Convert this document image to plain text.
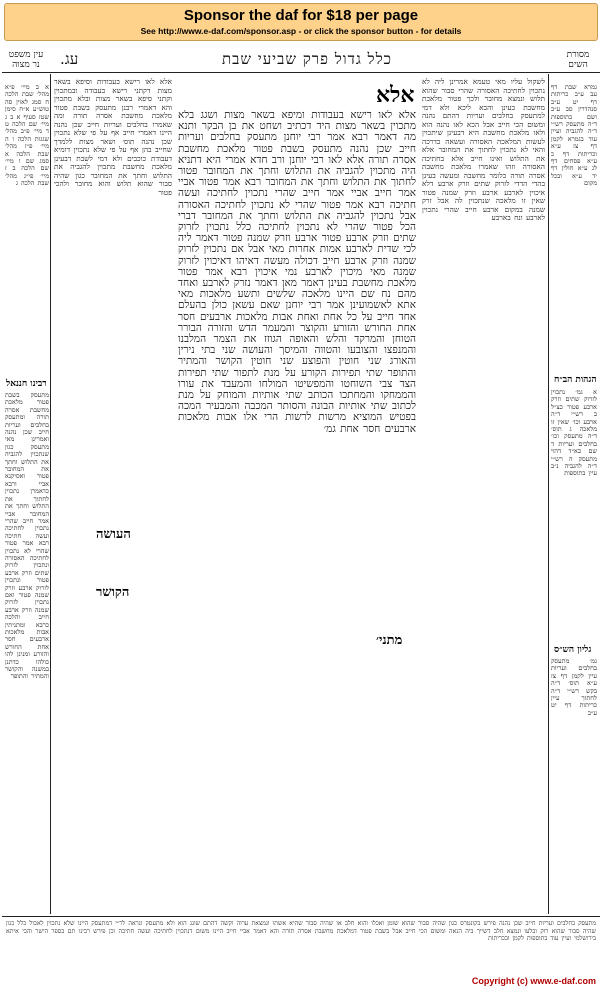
Sponsor the daf for $18 per page
See http://www.e-daf.com/sponsor.asp - or click the sponsor button - for details
עג.	כלל גדול פרק שביעי שבת	מסורת השים
עין משפט נר מצוה
גמרא שבת דף עב ע״ב כריתות דף יט ע״ב סנהדרין סב ע״ב ושם בתוספות ד״ה מתעסק רש״י ד״ה להגביה ועיין עוד בגמרא לקמן דף צז ע״א וכריתות דף כ ע״א פסחים דף לג ע״א חולין דף יד ע״א ובכל מקום
הגהות הב״ח
א גמ׳ נתכוין לזרוק שתים וזרק ארבע פטור כצ״ל ב רש״י ד״ה ארבע וכו׳ שאין זו מלאכה ג תוס׳ ד״ה מתעסק וכו׳ בחלבים ועריות ד שם בא״ד דהוי מתעסק ה רש״י ד״ה להגביה נ״ב עיין בתוספות
גליון הש״ס
גמ׳ מתעסק בחלבים ועריות עיין לקמן דף צז ע״א תוס׳ ד״ה בקש רש״י ד״ה לחתוך עיין כריתות דף יט ע״ב
א ב מיי׳ פ״א מהל׳ שבת הלכה ח סמג לאוין סה טוש״ע א״ח סימן שטז סעיף א ב ג מיי׳ שם הלכה ט ד מיי׳ פ״ב מהל׳ שגגות הלכה ו ה מיי׳ פ״ז מהל׳ שבת הלכה א סמג שם ו מיי׳ שם הלכה ב ז מיי׳ פי״ג מהל׳ שבת הלכה ג
רבינו חננאל
מתעסק בשבת פטור מלאכת מחשבת אסרה תורה ומתעסק בחלבים ועריות חייב שכן נהנה ואמרינן מאי מתעסק כגון שנתכוין להגביה את התלוש וחתך את המחובר פטור ואסיקנא אביי ורבא כדאמרן נתכוין לחתוך את התלוש וחתך את המחובר אביי אמר חייב שהרי נתכוין לחתיכה ועשה חתיכה רבא אמר פטור שהרי לא נתכוין לחתיכה האסורה ונתכוין לזרוק שתים וזרק ארבע פטור ונתכוין לזרוק ארבע וזרק שמנה פטור ואם נתכוין לזרוק שמנה וזרק ארבע חייב והלכה כרבא ומתניתין אבות מלאכות ארבעים חסר אחת החורש והזורע ומנינן להו כולהו כדתנן במשנה והקושר והמתיר והתופר
לשקול עליו מאי טעמא אמרינן ליה לא נתכוין לחתיכה האסורה שהרי סבור שהוא תלוש ונמצא מחובר ולכך פטור מלאכת מחשבת בעינן והכא ליכא ולא דמי למתעסק בחלבים ועריות דהתם נהנה ומשום הכי חייב אבל הכא לאו נהנה הוא ולאו מלאכת מחשבת היא דבעינן שיתכוין לעשות המלאכה האסורה ועשאה כדרכה והאי לא נתכוין לחתוך את המחובר אלא את התלוש ואינו חייב אלא בחתיכה האסורה וזהו שאמרו מלאכת מחשבת אסרה תורה כלומר מחשבה ומעשה בעינן בהדי הדדי לזרוק שתים וזרק ארבע דלא איכוין לארבע ארבע וזרק שמנה פטור שאין זו מלאכה שנתכוין לה אבל זרק שמנה במקום ארבע חייב שהרי נתכוין לארבע ונח בארבע
אלא לאו רישא בעבודות וסיפא בשאר מצות דקתני רישא בעבודה ובמתכוין וקתני סיפא בשאר מצות ובלא מתכוין והא דאמרי רבנן מתעסק בשבת פטור מלאכת מחשבת אסרה תורה ומה שאמרו בחלבים ועריות חייב שכן נהנה היינו דאמרי חייב אף על פי שלא נתכוין שכן נהנה תוס׳ ושאר מצות ללמדך שחייב בהן אף על פי שלא נתכוין דומיא דעבודת כוכבים ולא דמי לשבת דבעינן מלאכת מחשבת מתכוין להגביה את התלוש וחתך את המחובר כגון שהיה סבור שהוא תלוש והוא מחובר ולהכי פטור
אלא
אלא לאו רישא בעבודות ומיפא בשאר מצות ושגג בלא מתכוין בשאר מצות היד דכתיב ושחט את בן הבקר ותנא מה דאמר רבא אמר רבי יוחנן מתעסק בחלבים ועריות חייב שכן נהנה מתעסק בשבת פטור מלאכת מחשבת אסרה תורה אלא לאו רבי יוחנן ורב חדא אמרי היא דתניא היה מתכוין להגביה את התלוש וחתך את המחובר פטור לחתוך את התלוש וחתך את המחובר רבא אמר פטור אביי אמר חייב אביי אמר חייב שהרי נתכוין לחתיכה ועשה חתיכה רבא אמר פטור שהרי לא נתכוין לחתיכה האסורה אבל נתכוין להגביה את התלוש וחתך את המחובר דברי הכל פטור שהרי לא נתכוין לחתיכה כלל נתכוין לזרוק שתים וזרק ארבע פטור ארבע וזרק שמנה פטור דאמר ליה לכי שדית לארבע אמות אחרות מאי אבל אם נתכוין לזרוק שמנה וזרק ארבע חייב דכולה מעשה דאיהו דאיכוין לזרוק שמנה מאי מיכוין לארבע נמי איכוין רבא אמר פטור מלאכת מחשבת בעינן דאמר מאן דאמר נזרק לארבע ואחד מהם נח שם היינו מלאכה שלשים ותשע מלאכות מאי אתא לאשמועינן אמר רבי יוחנן שאם עשאן כולן בהעלם אחד חייב על כל אחת ואחת אבות מלאכות ארבעים חסר אחת החורש והזורע והקוצר והמעמר הדש והזורה הבורר הטוחן והמרקד והלש והאופה הגוזז את הצמר המלבנו והמנפצו והצובעו והטווה והמיסך והעושה שני בתי נירין והאורג שני חוטין והפוצע שני חוטין הקושר והמתיר והתופר שתי תפירות הקורע על מנת לתפור שתי תפירות הצד צבי השוחטו והמפשיטו המולחו והמעבד את עורו והממחקו והמחתכו הכותב שתי אותיות והמוחק על מנת לכתוב שתי אותיות הבונה והסותר המכבה והמבעיר המכה בפטיש המוציא מרשות לרשות הרי אלו אבות מלאכות ארבעים חסר אחת גמ׳
העושה
הקושר
מתני׳
מתעסק בחלבים ועריות חייב שכן נהנה פירש בקונטרס כגון שהיה סבור שהוא שומן ואכלו והוא חלב או שהיה סבור שהיא אשתו ונמצאת ערוה וקשה דהתם שוגג הוא ולא מתעסק ונראה לר״י דמתעסק היינו שלא נתכוין לאכול כלל כגון שהיה סבור שהוא רוק ובלעו ונמצא חלב דשייך ביה הנאה ומשום הכי חייב אבל בשבת פטור דמלאכת מחשבת אסרה תורה והא דאמר אביי חייב היינו משום דנתכוין לחתיכה ועשה חתיכה וכן פירש רבינו תם בספר הישר והכי איתא בירושלמי ועיין עוד בתוספות לקמן ובכריתות
Copyright (c) www.e-daf.com
